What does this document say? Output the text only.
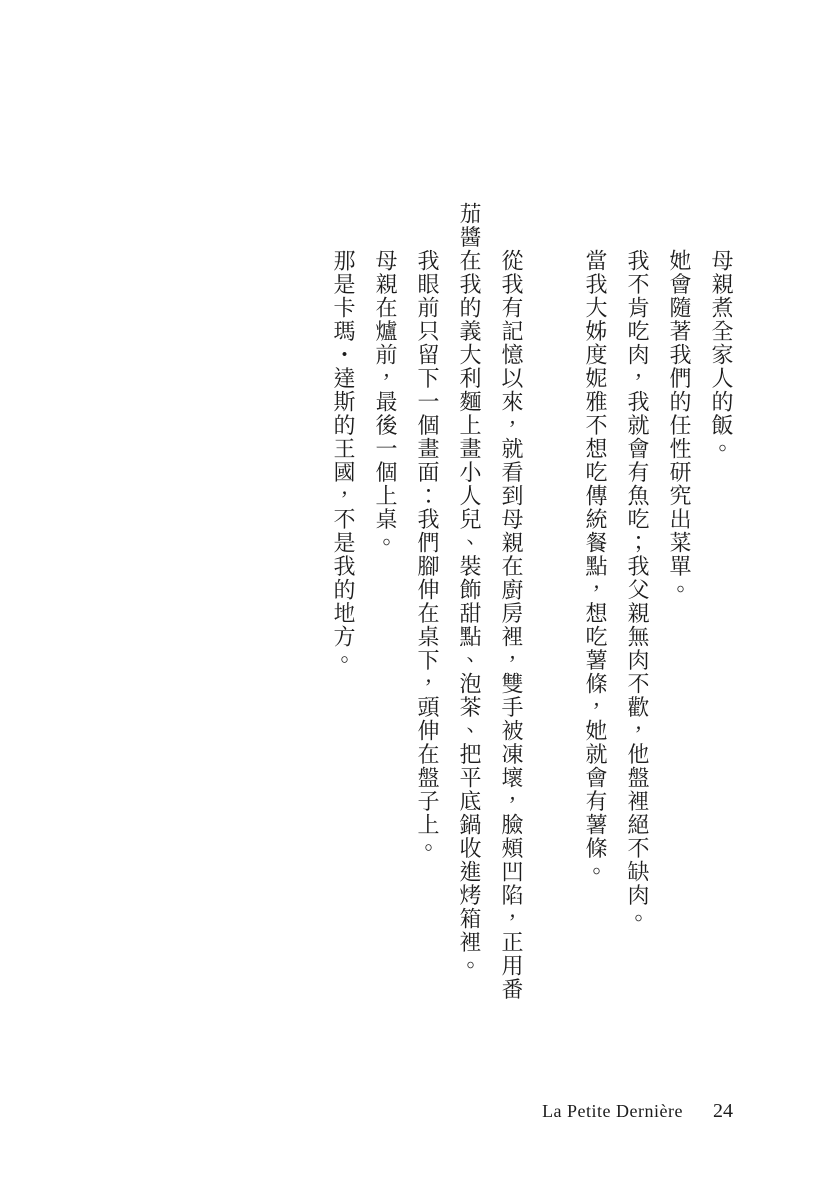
母親煮全家人的飯。

她會隨著我們的任性研究出菜單。

我不肯吃肉，我就會有魚吃；我父親無肉不歡，他盤裡絕不缺肉。

當我大姊度妮雅不想吃傳統餐點，想吃薯條，她就會有薯條。

從我有記憶以來，就看到母親在廚房裡，雙手被凍壞，臉頰凹陷，正用番茄醬在我的義大利麵上畫小人兒、裝飾甜點、泡茶、把平底鍋收進烤箱裡。

我眼前只留下一個畫面：我們腳伸在桌下，頭伸在盤子上。

母親在爐前，最後一個上桌。

那是卡瑪・達斯的王國，不是我的地方。

La Petite Dernière 24
